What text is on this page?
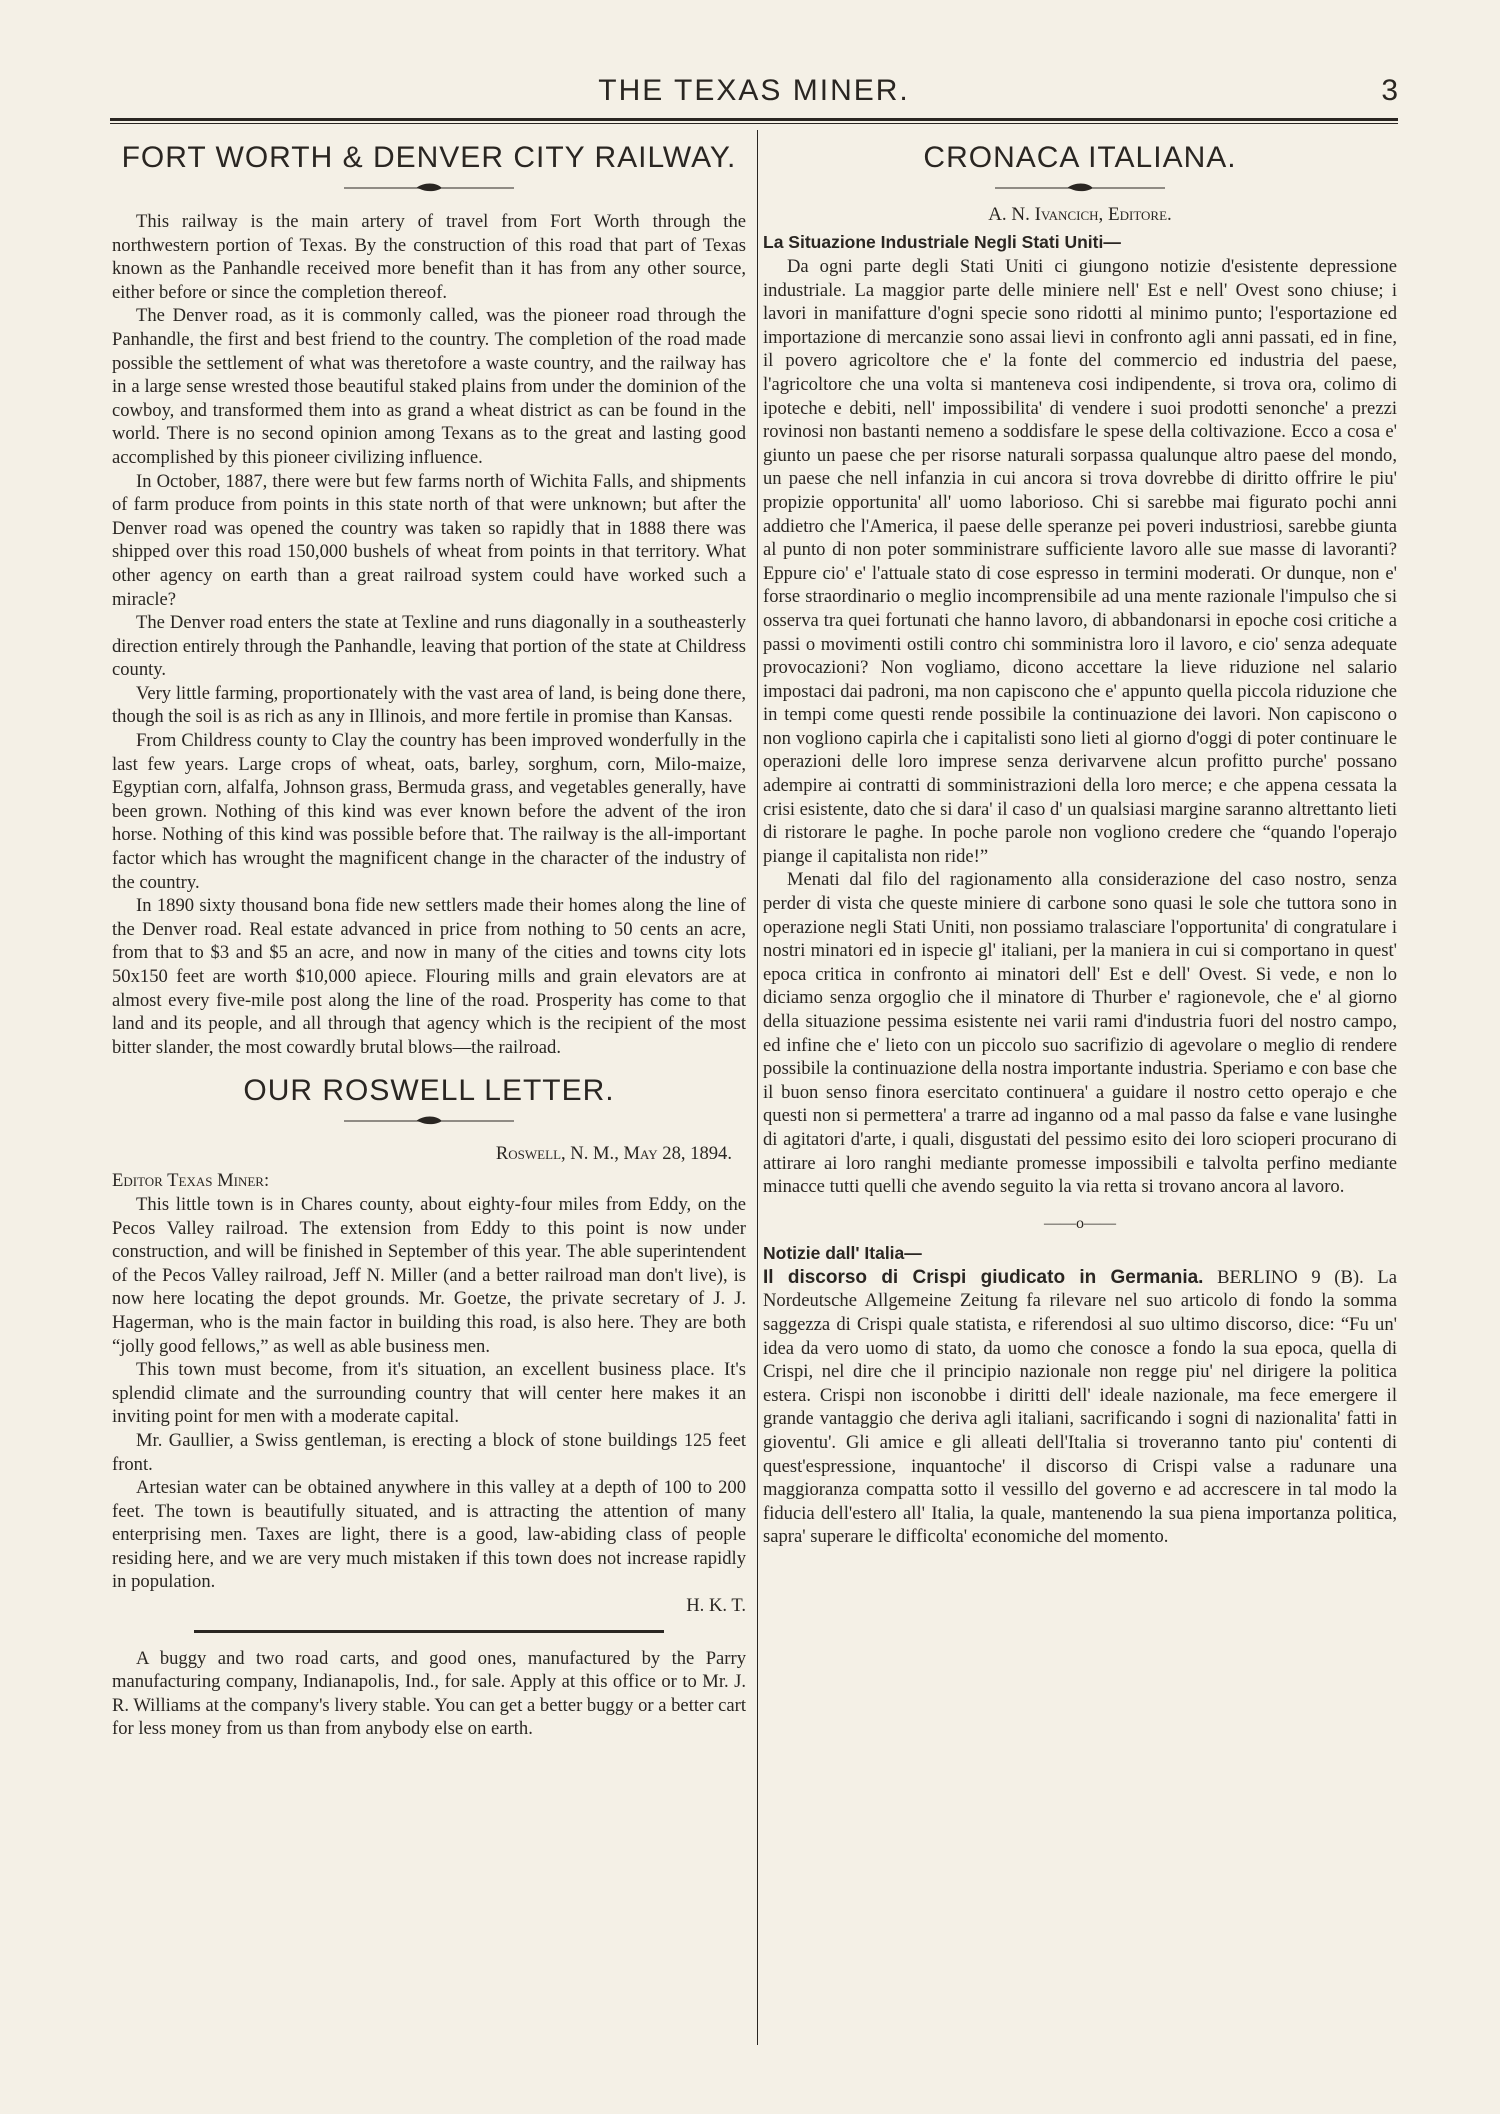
THE TEXAS MINER.	3
FORT WORTH & DENVER CITY RAILWAY.

This railway is the main artery of travel from Fort Worth through the northwestern portion of Texas. By the construction of this road that part of Texas known as the Panhandle received more benefit than it has from any other source, either before or since the completion thereof.

The Denver road, as it is commonly called, was the pioneer road through the Panhandle, the first and best friend to the country. The completion of the road made possible the settlement of what was theretofore a waste country, and the railway has in a large sense wrested those beautiful staked plains from under the dominion of the cowboy, and transformed them into as grand a wheat district as can be found in the world. There is no second opinion among Texans as to the great and lasting good accomplished by this pioneer civilizing influence.

In October, 1887, there were but few farms north of Wichita Falls, and shipments of farm produce from points in this state north of that were unknown; but after the Denver road was opened the country was taken so rapidly that in 1888 there was shipped over this road 150,000 bushels of wheat from points in that territory. What other agency on earth than a great railroad system could have worked such a miracle?

The Denver road enters the state at Texline and runs diagonally in a southeasterly direction entirely through the Panhandle, leaving that portion of the state at Childress county.

Very little farming, proportionately with the vast area of land, is being done there, though the soil is as rich as any in Illinois, and more fertile in promise than Kansas.

From Childress county to Clay the country has been improved wonderfully in the last few years. Large crops of wheat, oats, barley, sorghum, corn, Milo-maize, Egyptian corn, alfalfa, Johnson grass, Bermuda grass, and vegetables generally, have been grown. Nothing of this kind was ever known before the advent of the iron horse. Nothing of this kind was possible before that. The railway is the all-important factor which has wrought the magnificent change in the character of the industry of the country.

In 1890 sixty thousand bona fide new settlers made their homes along the line of the Denver road. Real estate advanced in price from nothing to 50 cents an acre, from that to $3 and $5 an acre, and now in many of the cities and towns city lots 50x150 feet are worth $10,000 apiece. Flouring mills and grain elevators are at almost every five-mile post along the line of the road. Prosperity has come to that land and its people, and all through that agency which is the recipient of the most bitter slander, the most cowardly brutal blows—the railroad.

OUR ROSWELL LETTER.
Roswell, N. M., May 28, 1894.

Editor Texas Miner:

This little town is in Chares county, about eighty-four miles from Eddy, on the Pecos Valley railroad. The extension from Eddy to this point is now under construction, and will be finished in September of this year. The able superintendent of the Pecos Valley railroad, Jeff N. Miller (and a better railroad man don't live), is now here locating the depot grounds. Mr. Goetze, the private secretary of J. J. Hagerman, who is the main factor in building this road, is also here. They are both “jolly good fellows,” as well as able business men.

This town must become, from it's situation, an excellent business place. It's splendid climate and the surrounding country that will center here makes it an inviting point for men with a moderate capital.

Mr. Gaullier, a Swiss gentleman, is erecting a block of stone buildings 125 feet front.

Artesian water can be obtained anywhere in this valley at a depth of 100 to 200 feet. The town is beautifully situated, and is attracting the attention of many enterprising men. Taxes are light, there is a good, law-abiding class of people residing here, and we are very much mistaken if this town does not increase rapidly in population.

H. K. T.

A buggy and two road carts, and good ones, manufactured by the Parry manufacturing company, Indianapolis, Ind., for sale. Apply at this office or to Mr. J. R. Williams at the company's livery stable. You can get a better buggy or a better cart for less money from us than from anybody else on earth.

CRONACA ITALIANA.
A. N. Ivancich, Editore.
La Situazione Industriale Negli Stati Uniti—

Da ogni parte degli Stati Uniti ci giungono notizie d'esistente depressione industriale. La maggior parte delle miniere nell' Est e nell' Ovest sono chiuse; i lavori in manifatture d'ogni specie sono ridotti al minimo punto; l'esportazione ed importazione di mercanzie sono assai lievi in confronto agli anni passati, ed in fine, il povero agricoltore che e' la fonte del commercio ed industria del paese, l'agricoltore che una volta si manteneva cosi indipendente, si trova ora, colimo di ipoteche e debiti, nell' impossibilita' di vendere i suoi prodotti senonche' a prezzi rovinosi non bastanti nemeno a soddisfare le spese della coltivazione. Ecco a cosa e' giunto un paese che per risorse naturali sorpassa qualunque altro paese del mondo, un paese che nell infanzia in cui ancora si trova dovrebbe di diritto offrire le piu' propizie opportunita' all' uomo laborioso. Chi si sarebbe mai figurato pochi anni addietro che l'America, il paese delle speranze pei poveri industriosi, sarebbe giunta al punto di non poter somministrare sufficiente lavoro alle sue masse di lavoranti? Eppure cio' e' l'attuale stato di cose espresso in termini moderati. Or dunque, non e' forse straordinario o meglio incomprensibile ad una mente razionale l'impulso che si osserva tra quei fortunati che hanno lavoro, di abbandonarsi in epoche cosi critiche a passi o movimenti ostili contro chi somministra loro il lavoro, e cio' senza adequate provocazioni? Non vogliamo, dicono accettare la lieve riduzione nel salario impostaci dai padroni, ma non capiscono che e' appunto quella piccola riduzione che in tempi come questi rende possibile la continuazione dei lavori. Non capiscono o non vogliono capirla che i capitalisti sono lieti al giorno d'oggi di poter continuare le operazioni delle loro imprese senza derivarvene alcun profitto purche' possano adempire ai contratti di somministrazioni della loro merce; e che appena cessata la crisi esistente, dato che si dara' il caso d' un qualsiasi margine saranno altrettanto lieti di ristorare le paghe. In poche parole non vogliono credere che “quando l'operajo piange il capitalista non ride!”

Menati dal filo del ragionamento alla considerazione del caso nostro, senza perder di vista che queste miniere di carbone sono quasi le sole che tuttora sono in operazione negli Stati Uniti, non possiamo tralasciare l'opportunita' di congratulare i nostri minatori ed in ispecie gl' italiani, per la maniera in cui si comportano in quest' epoca critica in confronto ai minatori dell' Est e dell' Ovest. Si vede, e non lo diciamo senza orgoglio che il minatore di Thurber e' ragionevole, che e' al giorno della situazione pessima esistente nei varii rami d'industria fuori del nostro campo, ed infine che e' lieto con un piccolo suo sacrifizio di agevolare o meglio di rendere possibile la continuazione della nostra importante industria. Speriamo e con base che il buon senso finora esercitato continuera' a guidare il nostro cetto operajo e che questi non si permettera' a trarre ad inganno od a mal passo da false e vane lusinghe di agitatori d'arte, i quali, disgustati del pessimo esito dei loro scioperi procurano di attirare ai loro ranghi mediante promesse impossibili e talvolta perfino mediante minacce tutti quelli che avendo seguito la via retta si trovano ancora al lavoro.

——o——
Notizie dall' Italia—

Il discorso di Crispi giudicato in Germania. BERLINO 9 (B). La Nordeutsche Allgemeine Zeitung fa rilevare nel suo articolo di fondo la somma saggezza di Crispi quale statista, e riferendosi al suo ultimo discorso, dice: “Fu un' idea da vero uomo di stato, da uomo che conosce a fondo la sua epoca, quella di Crispi, nel dire che il principio nazionale non regge piu' nel dirigere la politica estera. Crispi non isconobbe i diritti dell' ideale nazionale, ma fece emergere il grande vantaggio che deriva agli italiani, sacrificando i sogni di nazionalita' fatti in gioventu'. Gli amice e gli alleati dell'Italia si troveranno tanto piu' contenti di quest'espressione, inquantoche' il discorso di Crispi valse a radunare una maggioranza compatta sotto il vessillo del governo e ad accrescere in tal modo la fiducia dell'estero all' Italia, la quale, mantenendo la sua piena importanza politica, sapra' superare le difficolta' economiche del momento.
